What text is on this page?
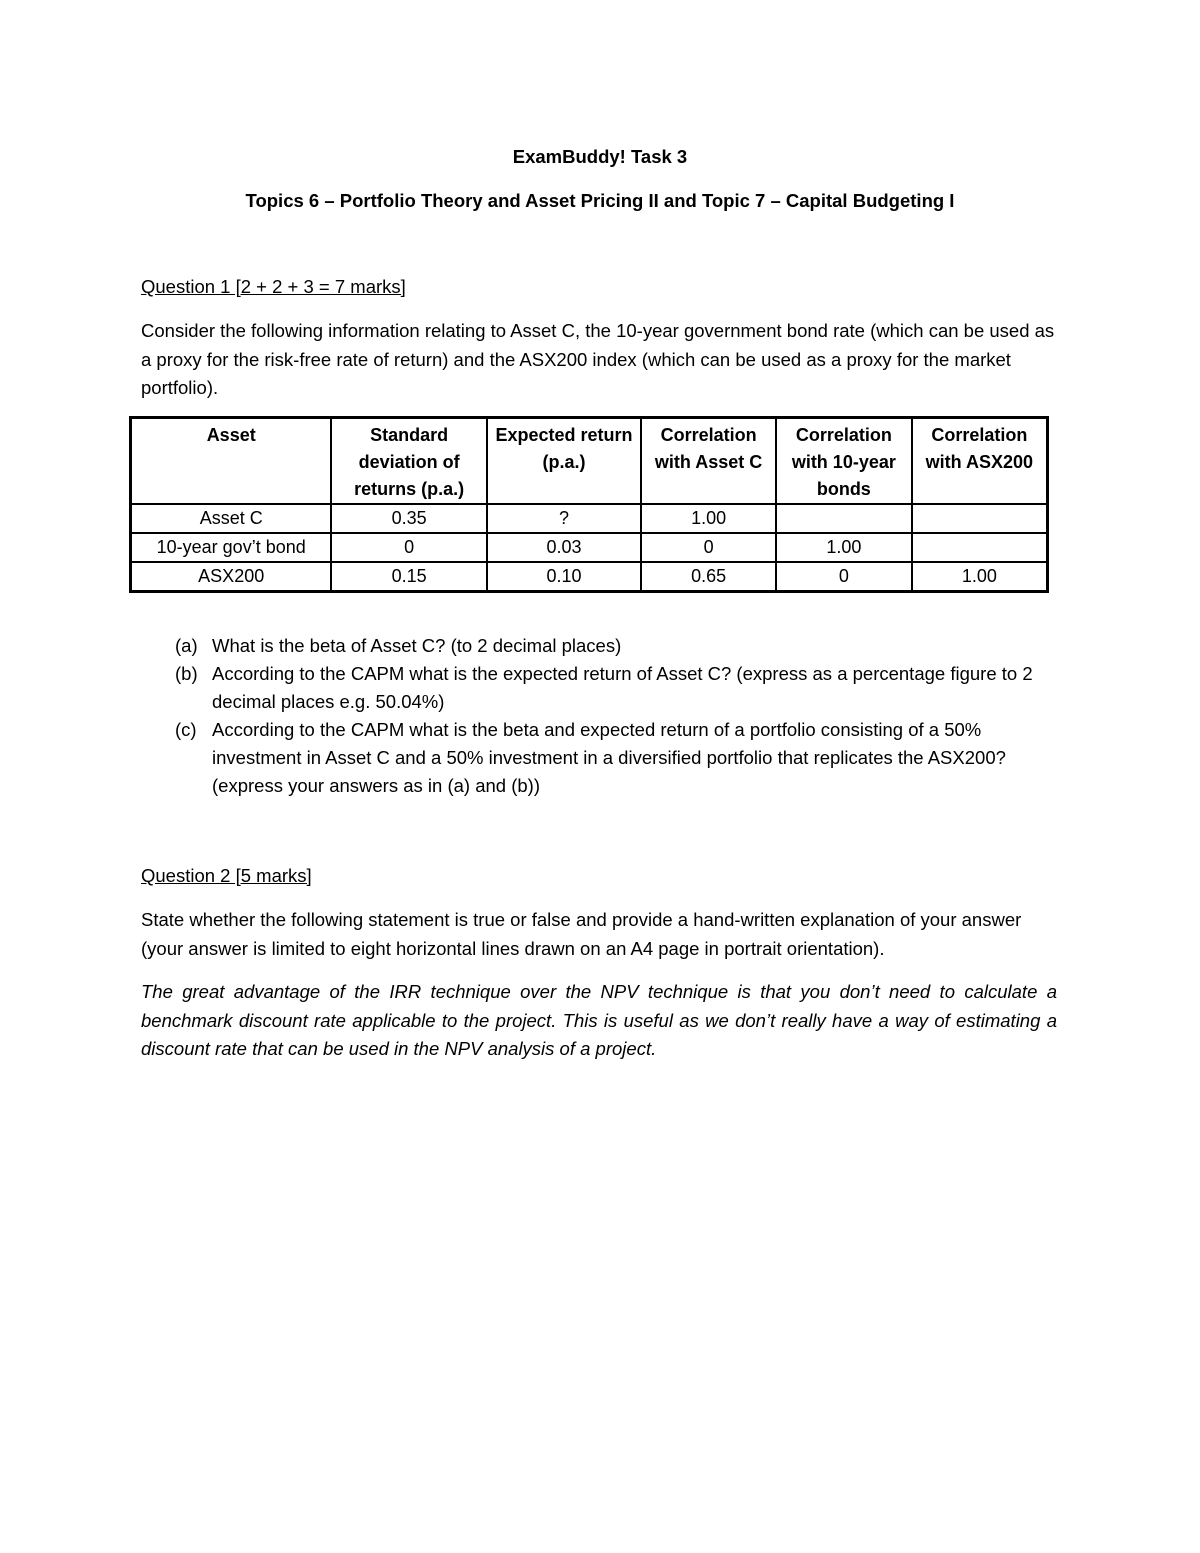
ExamBuddy! Task 3
Topics 6 – Portfolio Theory and Asset Pricing II and Topic 7 – Capital Budgeting I
Question 1 [2 + 2 + 3 = 7 marks]
Consider the following information relating to Asset C, the 10-year government bond rate (which can be used as a proxy for the risk-free rate of return) and the ASX200 index (which can be used as a proxy for the market portfolio).
Asset	Standard deviation of returns (p.a.)	Expected return (p.a.)	Correlation with Asset C	Correlation with 10-year bonds	Correlation with ASX200
Asset C	0.35	?	1.00		
10-year gov’t bond	0	0.03	0	1.00	
ASX200	0.15	0.10	0.65	0	1.00
(a) What is the beta of Asset C? (to 2 decimal places)
(b) According to the CAPM what is the expected return of Asset C? (express as a percentage figure to 2 decimal places e.g. 50.04%)
(c) According to the CAPM what is the beta and expected return of a portfolio consisting of a 50% investment in Asset C and a 50% investment in a diversified portfolio that replicates the ASX200? (express your answers as in (a) and (b))
Question 2 [5 marks]
State whether the following statement is true or false and provide a hand-written explanation of your answer (your answer is limited to eight horizontal lines drawn on an A4 page in portrait orientation).
The great advantage of the IRR technique over the NPV technique is that you don’t need to calculate a benchmark discount rate applicable to the project. This is useful as we don’t really have a way of estimating a discount rate that can be used in the NPV analysis of a project.
